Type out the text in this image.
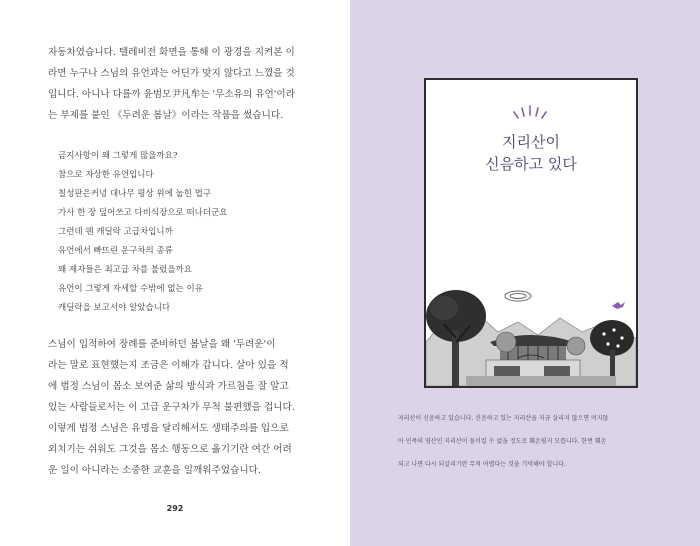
자동차였습니다. 텔레비전 화면을 통해 이 광경을 지켜본 이
라면 누구나 스님의 유언과는 어딘가 맞지 않다고 느꼈을 것
입니다. 아니나 다를까 윤범모尹凡牟는 '무소유의 유언'이라
는 부제를 붙인 《두려운 봄날》이라는 작품을 썼습니다.
금지사항이 왜 그렇게 많을까요?
참으로 자상한 유언입니다
칠성판은커녕 대나무 평상 위에 눕힌 법구
가사 한 장 덮어쓰고 다비식장으로 떠나더군요
그런데 웬 캐딜락 고급차입니까
유언에서 빠뜨린 운구차의 종류
왜 제자들은 최고급 차를 불렀을까요
유언이 그렇게 자세할 수밖에 없는 이유
캐딜락을 보고서야 알았습니다
스님이 입적하여 장례를 준비하던 봄날을 왜 '두려운'이
라는 말로 표현했는지 조금은 이해가 갑니다. 살아 있을 적
에 법정 스님이 몸소 보여준 삶의 방식과 가르침을 잘 알고
있는 사람들로서는 이 고급 운구차가 무척 불편했을 겁니다.
이렇게 법정 스님은 유명을 달리해서도 생태주의를 입으로
외치기는 쉬워도 그것을 몸소 행동으로 옮기기란 여간 어려
운 일이 아니라는 소중한 교훈을 일깨워주었습니다.
292
지리산이
신음하고 있다
지리산이 신음하고 있습니다. 신음하고 있는 지리산을 지금 살리지 않으면 머지않
아 민족의 영산인 지리산이 돌이킬 수 없을 정도로 훼손될지 모릅니다. 한번 훼손
되고 나면 다시 되살리기란 무척 어렵다는 것을 기억해야 합니다.
